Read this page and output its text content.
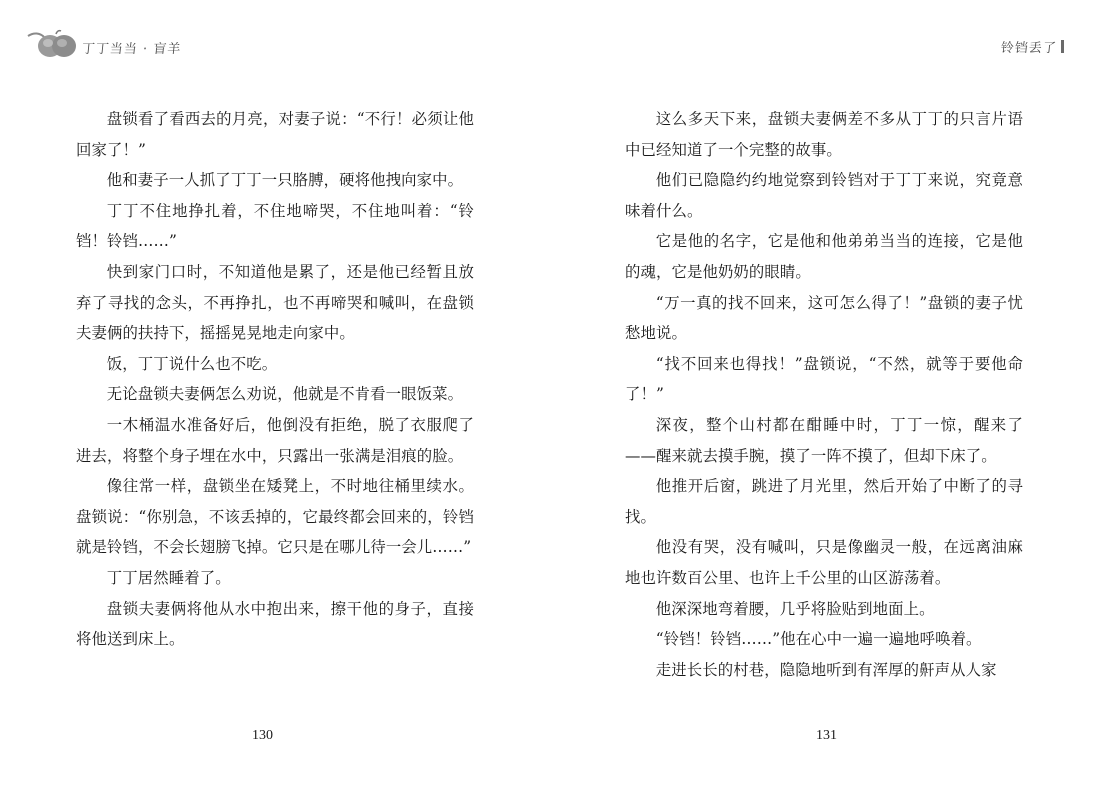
丁丁当当 · 盲羊

盘锁看了看西去的月亮，对妻子说：“不行！必须让他回家了！”

他和妻子一人抓了丁丁一只胳膊，硬将他拽向家中。

丁丁不住地挣扎着，不住地啼哭，不住地叫着：“铃铛！铃铛……”

快到家门口时，不知道他是累了，还是他已经暂且放弃了寻找的念头，不再挣扎，也不再啼哭和喊叫，在盘锁夫妻俩的扶持下，摇摇晃晃地走向家中。

饭，丁丁说什么也不吃。

无论盘锁夫妻俩怎么劝说，他就是不肯看一眼饭菜。

一木桶温水准备好后，他倒没有拒绝，脱了衣服爬了进去，将整个身子埋在水中，只露出一张满是泪痕的脸。

像往常一样，盘锁坐在矮凳上，不时地往桶里续水。盘锁说：“你别急，不该丢掉的，它最终都会回来的，铃铛就是铃铛，不会长翅膀飞掉。它只是在哪儿待一会儿……”

丁丁居然睡着了。

盘锁夫妻俩将他从水中抱出来，擦干他的身子，直接将他送到床上。

130
铃铛丢了

这么多天下来，盘锁夫妻俩差不多从丁丁的只言片语中已经知道了一个完整的故事。

他们已隐隐约约地觉察到铃铛对于丁丁来说，究竟意味着什么。

它是他的名字，它是他和他弟弟当当的连接，它是他的魂，它是他奶奶的眼睛。

“万一真的找不回来，这可怎么得了！”盘锁的妻子忧愁地说。

“找不回来也得找！”盘锁说，“不然，就等于要他命了！”

深夜，整个山村都在酣睡中时，丁丁一惊，醒来了——醒来就去摸手腕，摸了一阵不摸了，但却下床了。

他推开后窗，跳进了月光里，然后开始了中断了的寻找。

他没有哭，没有喊叫，只是像幽灵一般，在远离油麻地也许数百公里、也许上千公里的山区游荡着。

他深深地弯着腰，几乎将脸贴到地面上。

“铃铛！铃铛……”他在心中一遍一遍地呼唤着。

走进长长的村巷，隐隐地听到有浑厚的鼾声从人家

131
